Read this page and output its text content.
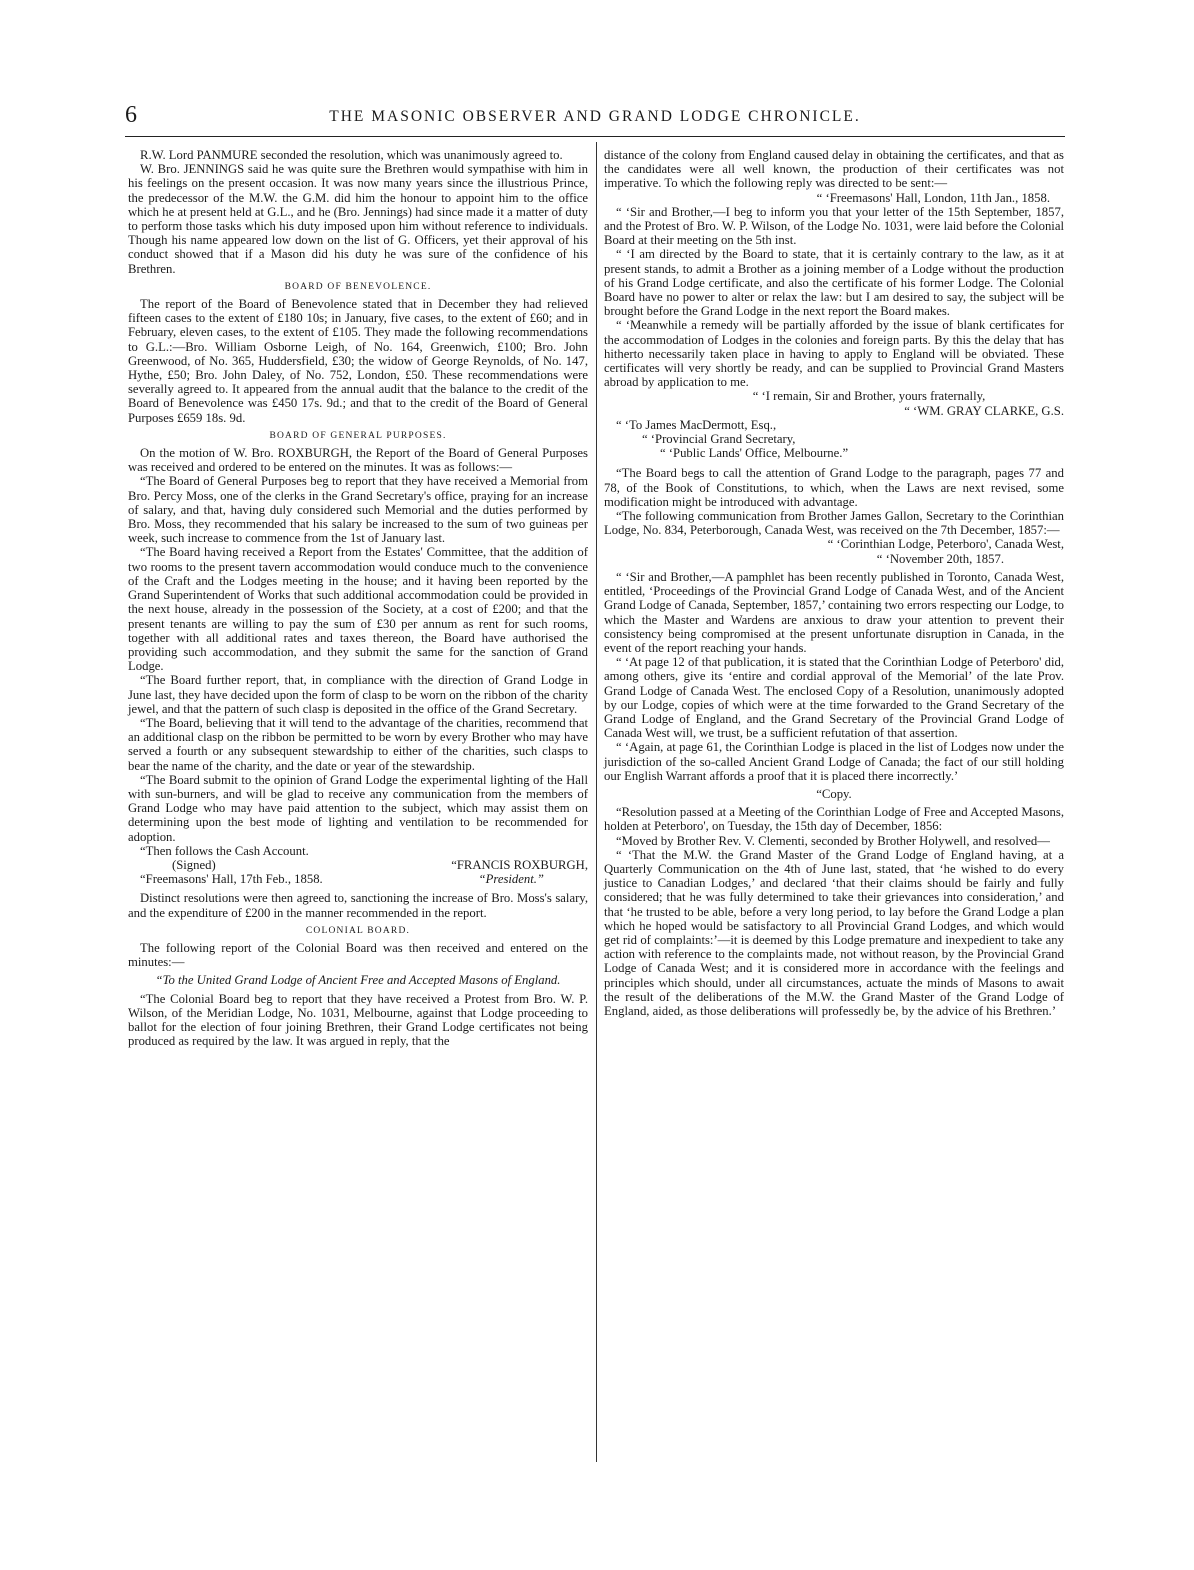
6	THE MASONIC OBSERVER AND GRAND LODGE CHRONICLE.

R.W. Lord PANMURE seconded the resolution, which was unanimously agreed to.

W. Bro. JENNINGS said he was quite sure the Brethren would sympathise with him in his feelings on the present occasion. It was now many years since the illustrious Prince, the predecessor of the M.W. the G.M. did him the honour to appoint him to the office which he at present held at G.L., and he (Bro. Jennings) had since made it a matter of duty to perform those tasks which his duty imposed upon him without reference to individuals. Though his name appeared low down on the list of G. Officers, yet their approval of his conduct showed that if a Mason did his duty he was sure of the confidence of his Brethren.

BOARD OF BENEVOLENCE.

The report of the Board of Benevolence stated that in December they had relieved fifteen cases to the extent of £180 10s; in January, five cases, to the extent of £60; and in February, eleven cases, to the extent of £105. They made the following recommendations to G.L.:—Bro. William Osborne Leigh, of No. 164, Greenwich, £100; Bro. John Greenwood, of No. 365, Huddersfield, £30; the widow of George Reynolds, of No. 147, Hythe, £50; Bro. John Daley, of No. 752, London, £50. These recommendations were severally agreed to. It appeared from the annual audit that the balance to the credit of the Board of Benevolence was £450 17s. 9d.; and that to the credit of the Board of General Purposes £659 18s. 9d.

BOARD OF GENERAL PURPOSES.

On the motion of W. Bro. ROXBURGH, the Report of the Board of General Purposes was received and ordered to be entered on the minutes. It was as follows:—

“The Board of General Purposes beg to report that they have received a Memorial from Bro. Percy Moss, one of the clerks in the Grand Secretary's office, praying for an increase of salary, and that, having duly considered such Memorial and the duties performed by Bro. Moss, they recommended that his salary be increased to the sum of two guineas per week, such increase to commence from the 1st of January last.

“The Board having received a Report from the Estates' Committee, that the addition of two rooms to the present tavern accommodation would conduce much to the convenience of the Craft and the Lodges meeting in the house; and it having been reported by the Grand Superintendent of Works that such additional accommodation could be provided in the next house, already in the possession of the Society, at a cost of £200; and that the present tenants are willing to pay the sum of £30 per annum as rent for such rooms, together with all additional rates and taxes thereon, the Board have authorised the providing such accommodation, and they submit the same for the sanction of Grand Lodge.

“The Board further report, that, in compliance with the direction of Grand Lodge in June last, they have decided upon the form of clasp to be worn on the ribbon of the charity jewel, and that the pattern of such clasp is deposited in the office of the Grand Secretary.

“The Board, believing that it will tend to the advantage of the charities, recommend that an additional clasp on the ribbon be permitted to be worn by every Brother who may have served a fourth or any subsequent stewardship to either of the charities, such clasps to bear the name of the charity, and the date or year of the stewardship.

“The Board submit to the opinion of Grand Lodge the experimental lighting of the Hall with sun-burners, and will be glad to receive any communication from the members of Grand Lodge who may have paid attention to the subject, which may assist them on determining upon the best mode of lighting and ventilation to be recommended for adoption.

“Then follows the Cash Account.

(Signed)	“FRANCIS ROXBURGH,
“Freemasons' Hall, 17th Feb., 1858.	“President.”

Distinct resolutions were then agreed to, sanctioning the increase of Bro. Moss's salary, and the expenditure of £200 in the manner recommended in the report.

COLONIAL BOARD.

The following report of the Colonial Board was then received and entered on the minutes:—

“To the United Grand Lodge of Ancient Free and Accepted Masons of England.

“The Colonial Board beg to report that they have received a Protest from Bro. W. P. Wilson, of the Meridian Lodge, No. 1031, Melbourne, against that Lodge proceeding to ballot for the election of four joining Brethren, their Grand Lodge certificates not being produced as required by the law. It was argued in reply, that the

distance of the colony from England caused delay in obtaining the certificates, and that as the candidates were all well known, the production of their certificates was not imperative. To which the following reply was directed to be sent:—

“ ‘Freemasons' Hall, London, 11th Jan., 1858.

“ ‘Sir and Brother,—I beg to inform you that your letter of the 15th September, 1857, and the Protest of Bro. W. P. Wilson, of the Lodge No. 1031, were laid before the Colonial Board at their meeting on the 5th inst.

“ ‘I am directed by the Board to state, that it is certainly contrary to the law, as it at present stands, to admit a Brother as a joining member of a Lodge without the production of his Grand Lodge certificate, and also the certificate of his former Lodge. The Colonial Board have no power to alter or relax the law: but I am desired to say, the subject will be brought before the Grand Lodge in the next report the Board makes.

“ ‘Meanwhile a remedy will be partially afforded by the issue of blank certificates for the accommodation of Lodges in the colonies and foreign parts. By this the delay that has hitherto necessarily taken place in having to apply to England will be obviated. These certificates will very shortly be ready, and can be supplied to Provincial Grand Masters abroad by application to me.

“ ‘I remain, Sir and Brother, yours fraternally,

“ ‘WM. GRAY CLARKE, G.S.

“ ‘To James MacDermott, Esq.,

“ ‘Provincial Grand Secretary,

“ ‘Public Lands' Office, Melbourne.”

“The Board begs to call the attention of Grand Lodge to the paragraph, pages 77 and 78, of the Book of Constitutions, to which, when the Laws are next revised, some modification might be introduced with advantage.

“The following communication from Brother James Gallon, Secretary to the Corinthian Lodge, No. 834, Peterborough, Canada West, was received on the 7th December, 1857:—

“ ‘Corinthian Lodge, Peterboro', Canada West,

“ ‘November 20th, 1857.

“ ‘Sir and Brother,—A pamphlet has been recently published in Toronto, Canada West, entitled, ‘Proceedings of the Provincial Grand Lodge of Canada West, and of the Ancient Grand Lodge of Canada, September, 1857,’ containing two errors respecting our Lodge, to which the Master and Wardens are anxious to draw your attention to prevent their consistency being compromised at the present unfortunate disruption in Canada, in the event of the report reaching your hands.

“ ‘At page 12 of that publication, it is stated that the Corinthian Lodge of Peterboro' did, among others, give its ‘entire and cordial approval of the Memorial’ of the late Prov. Grand Lodge of Canada West. The enclosed Copy of a Resolution, unanimously adopted by our Lodge, copies of which were at the time forwarded to the Grand Secretary of the Grand Lodge of England, and the Grand Secretary of the Provincial Grand Lodge of Canada West will, we trust, be a sufficient refutation of that assertion.

“ ‘Again, at page 61, the Corinthian Lodge is placed in the list of Lodges now under the jurisdiction of the so-called Ancient Grand Lodge of Canada; the fact of our still holding our English Warrant affords a proof that it is placed there incorrectly.’

“Copy.

“Resolution passed at a Meeting of the Corinthian Lodge of Free and Accepted Masons, holden at Peterboro', on Tuesday, the 15th day of December, 1856:

“Moved by Brother Rev. V. Clementi, seconded by Brother Holywell, and resolved—

“ ‘That the M.W. the Grand Master of the Grand Lodge of England having, at a Quarterly Communication on the 4th of June last, stated, that ‘he wished to do every justice to Canadian Lodges,’ and declared ‘that their claims should be fairly and fully considered; that he was fully determined to take their grievances into consideration,’ and that ‘he trusted to be able, before a very long period, to lay before the Grand Lodge a plan which he hoped would be satisfactory to all Provincial Grand Lodges, and which would get rid of complaints:’—it is deemed by this Lodge premature and inexpedient to take any action with reference to the complaints made, not without reason, by the Provincial Grand Lodge of Canada West; and it is considered more in accordance with the feelings and principles which should, under all circumstances, actuate the minds of Masons to await the result of the deliberations of the M.W. the Grand Master of the Grand Lodge of England, aided, as those deliberations will professedly be, by the advice of his Brethren.’
